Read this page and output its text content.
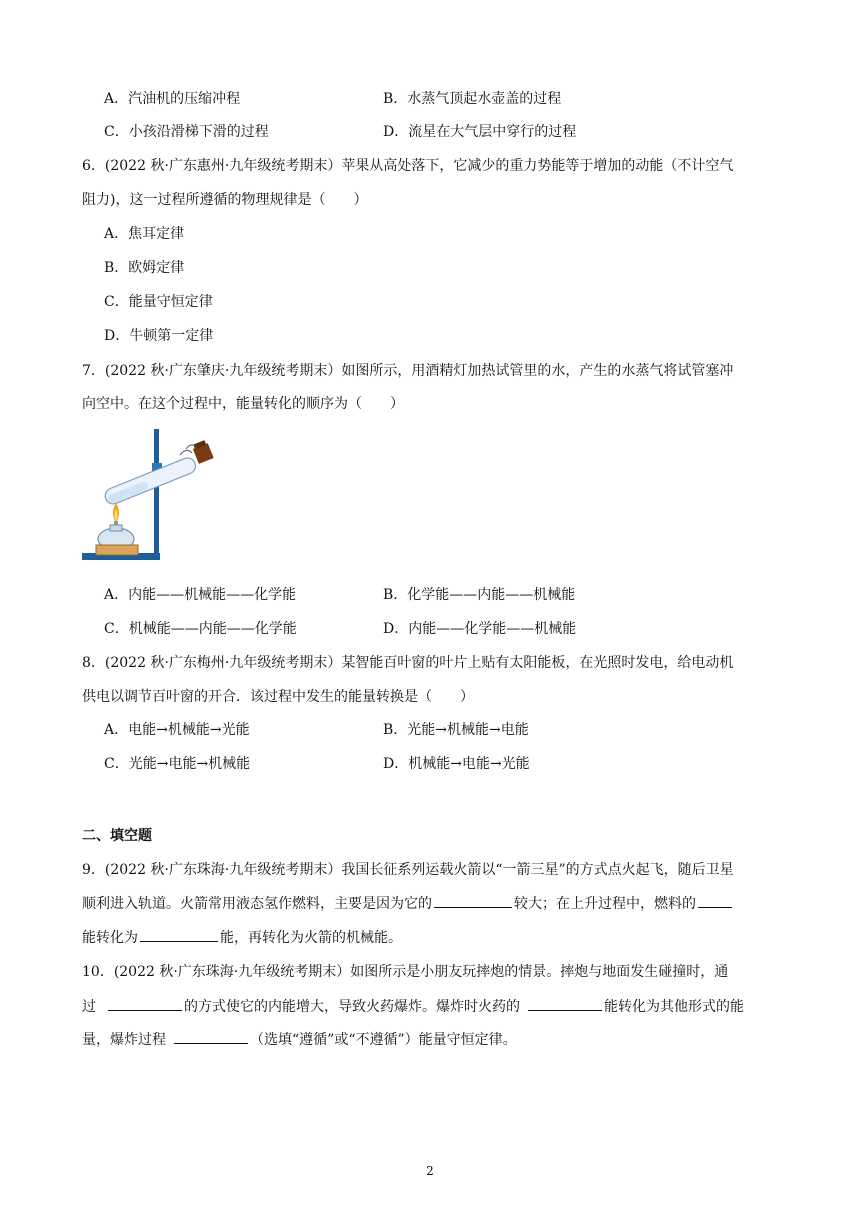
A．汽油机的压缩冲程	B．水蒸气顶起水壶盖的过程
C．小孩沿滑梯下滑的过程	D．流星在大气层中穿行的过程
6．(2022 秋·广东惠州·九年级统考期末）苹果从高处落下，它减少的重力势能等于增加的动能（不计空气
阻力)，这一过程所遵循的物理规律是（　　）
A．焦耳定律
B．欧姆定律
C．能量守恒定律
D．牛顿第一定律
7．(2022 秋·广东肇庆·九年级统考期末）如图所示，用酒精灯加热试管里的水，产生的水蒸气将试管塞冲
向空中。在这个过程中，能量转化的顺序为（　　）
A．内能——机械能——化学能	B．化学能——内能——机械能
C．机械能——内能——化学能	D．内能——化学能——机械能
8．(2022 秋·广东梅州·九年级统考期末）某智能百叶窗的叶片上贴有太阳能板，在光照时发电，给电动机
供电以调节百叶窗的开合．该过程中发生的能量转换是（　　）
A．电能→机械能→光能	B．光能→机械能→电能
C．光能→电能→机械能	D．机械能→电能→光能
二、填空题
9．(2022 秋·广东珠海·九年级统考期末）我国长征系列运载火箭以“一箭三星”的方式点火起飞，随后卫星
顺利进入轨道。火箭常用液态氢作燃料，主要是因为它的	较大；在上升过程中，燃料的
能转化为	能，再转化为火箭的机械能。
10．(2022 秋·广东珠海·九年级统考期末）如图所示是小朋友玩摔炮的情景。摔炮与地面发生碰撞时，通
过	的方式使它的内能增大，导致火药爆炸。爆炸时火药的	能转化为其他形式的能
量，爆炸过程	（选填“遵循”或“不遵循”）能量守恒定律。
2
